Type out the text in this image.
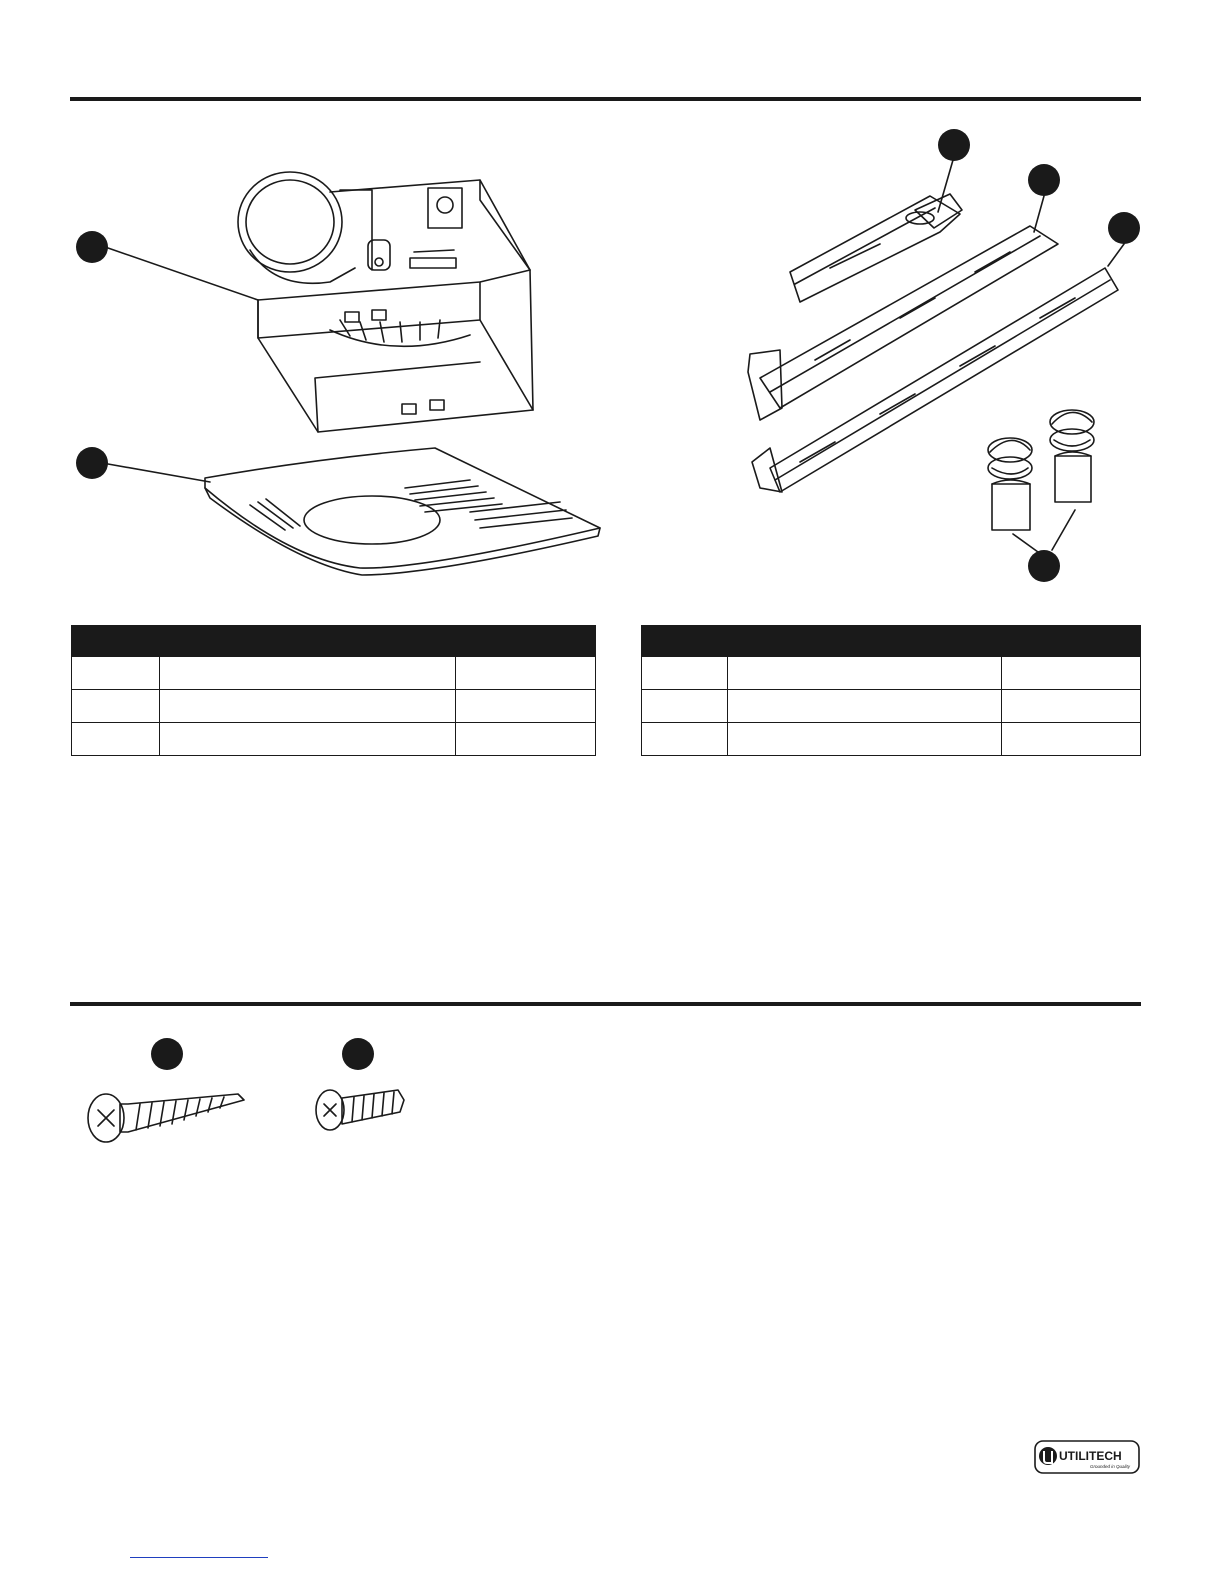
UTILITECH
Grounded in Quality
